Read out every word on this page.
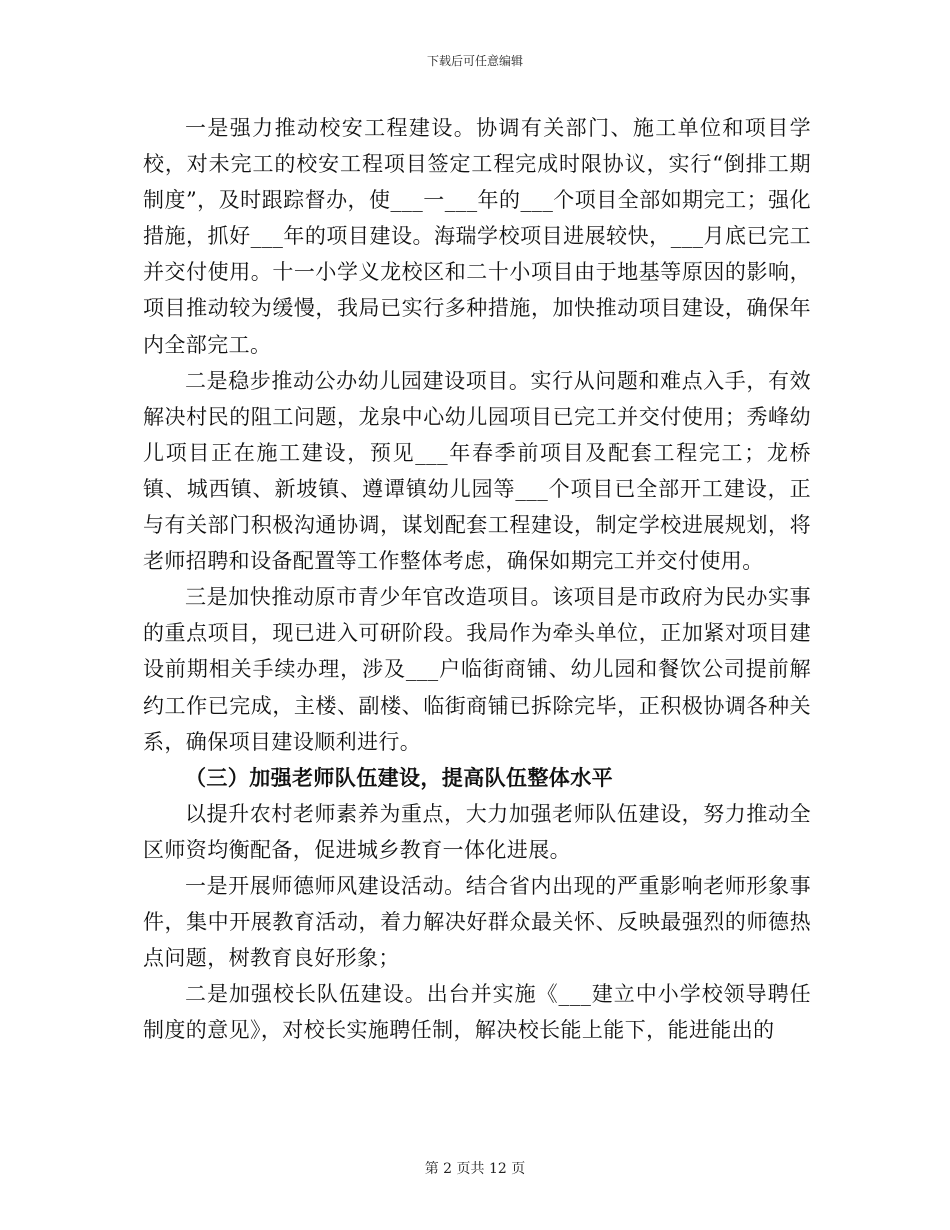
下载后可任意编辑

一是强力推动校安工程建设。协调有关部门、施工单位和项目学校，对未完工的校安工程项目签定工程完成时限协议，实行“倒排工期制度”，及时跟踪督办，使___一___年的___个项目全部如期完工；强化措施，抓好___年的项目建设。海瑞学校项目进展较快，___月底已完工并交付使用。十一小学义龙校区和二十小项目由于地基等原因的影响，项目推动较为缓慢，我局已实行多种措施，加快推动项目建设，确保年内全部完工。

二是稳步推动公办幼儿园建设项目。实行从问题和难点入手，有效解决村民的阻工问题，龙泉中心幼儿园项目已完工并交付使用；秀峰幼儿项目正在施工建设，预见___年春季前项目及配套工程完工；龙桥镇、城西镇、新坡镇、遵谭镇幼儿园等___个项目已全部开工建设，正与有关部门积极沟通协调，谋划配套工程建设，制定学校进展规划，将老师招聘和设备配置等工作整体考虑，确保如期完工并交付使用。

三是加快推动原市青少年官改造项目。该项目是市政府为民办实事的重点项目，现已进入可研阶段。我局作为牵头单位，正加紧对项目建设前期相关手续办理，涉及___户临街商铺、幼儿园和餐饮公司提前解约工作已完成，主楼、副楼、临街商铺已拆除完毕，正积极协调各种关系，确保项目建设顺利进行。

（三）加强老师队伍建设，提高队伍整体水平

以提升农村老师素养为重点，大力加强老师队伍建设，努力推动全区师资均衡配备，促进城乡教育一体化进展。

一是开展师德师风建设活动。结合省内出现的严重影响老师形象事件，集中开展教育活动，着力解决好群众最关怀、反映最强烈的师德热点问题，树教育良好形象；

二是加强校长队伍建设。出台并实施《___建立中小学校领导聘任制度的意见》，对校长实施聘任制，解决校长能上能下，能进能出的

第 2 页共 12 页
